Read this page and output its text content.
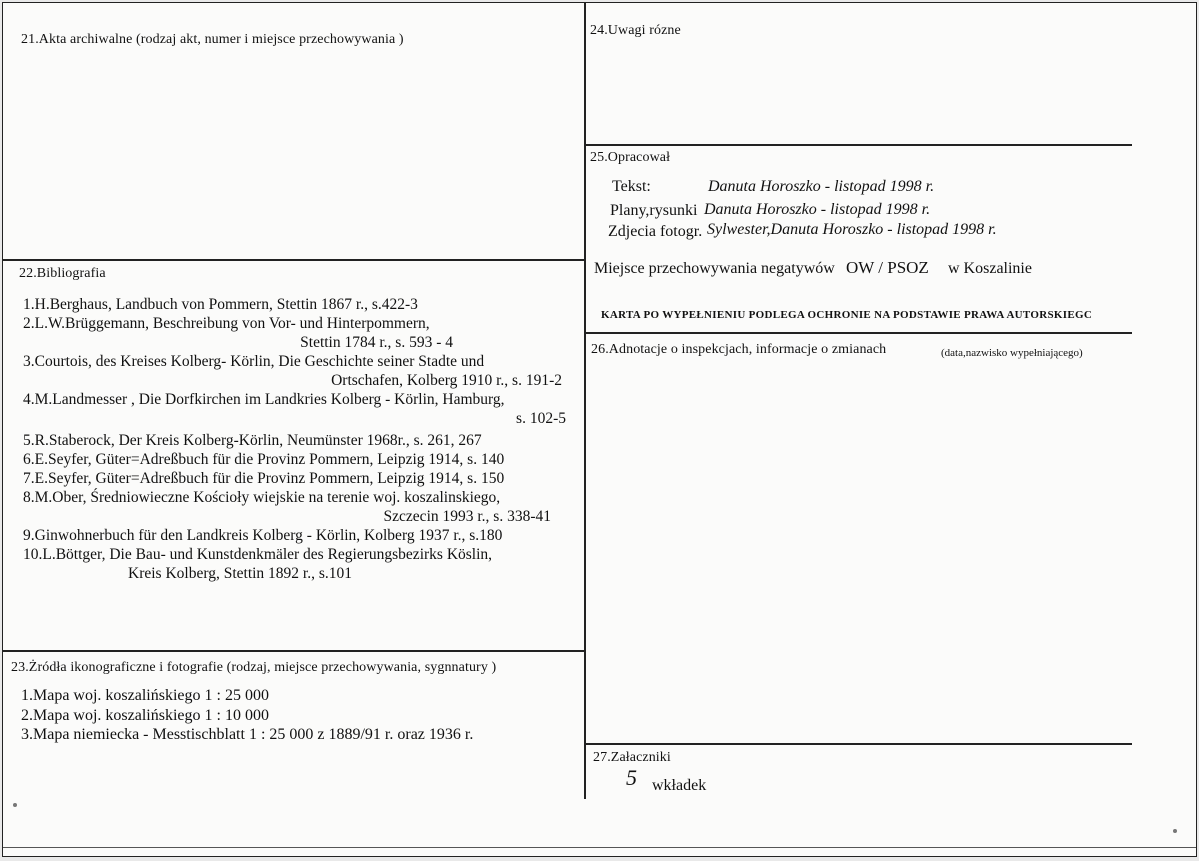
21.Akta archiwalne (rodzaj akt, numer i miejsce przechowywania )
22.Bibliografia
1.H.Berghaus, Landbuch von Pommern, Stettin 1867 r., s.422-3
2.L.W.Brüggemann, Beschreibung von Vor- und Hinterpommern,
Stettin 1784 r., s. 593 - 4
3.Courtois, des Kreises Kolberg- Körlin, Die Geschichte seiner Stadte und
Ortschafen, Kolberg 1910 r., s. 191-2
4.M.Landmesser , Die Dorfkirchen im Landkries Kolberg - Körlin, Hamburg,
s. 102-5
5.R.Staberock, Der Kreis Kolberg-Körlin, Neumünster 1968r., s. 261, 267
6.E.Seyfer, Güter=Adreßbuch für die Provinz Pommern, Leipzig 1914, s. 140
7.E.Seyfer, Güter=Adreßbuch für die Provinz Pommern, Leipzig 1914, s. 150
8.M.Ober, Średniowieczne Kościoły wiejskie na terenie woj. koszalinskiego,
Szczecin 1993 r., s. 338-41
9.Ginwohnerbuch für den Landkreis Kolberg - Körlin, Kolberg 1937 r., s.180
10.L.Böttger, Die Bau- und Kunstdenkmäler des Regierungsbezirks Köslin,
Kreis Kolberg, Stettin 1892 r., s.101
23.Żródła ikonograficzne i fotografie (rodzaj, miejsce przechowywania, sygnnatury )
1.Mapa woj. koszalińskiego 1 : 25 000
2.Mapa woj. koszalińskiego 1 : 10 000
3.Mapa niemiecka - Messtischblatt 1 : 25 000 z 1889/91 r. oraz 1936 r.
24.Uwagi rózne
25.Opracował
Tekst:	Danuta Horoszko - listopad 1998 r.
Plany,rysunki Danuta Horoszko - listopad 1998 r.
Zdjecia fotogr. Sylwester,Danuta Horoszko - listopad 1998 r.
Miejsce przechowywania negatywów OW / PSOZ w Koszalinie
KARTA PO WYPEŁNIENIU PODLEGA OCHRONIE NA PODSTAWIE PRAWA AUTORSKIEGC
26.Adnotacje o inspekcjach, informacje o zmianach	(data,nazwisko wypełniającego)
27.Załaczniki
5 wkładek
